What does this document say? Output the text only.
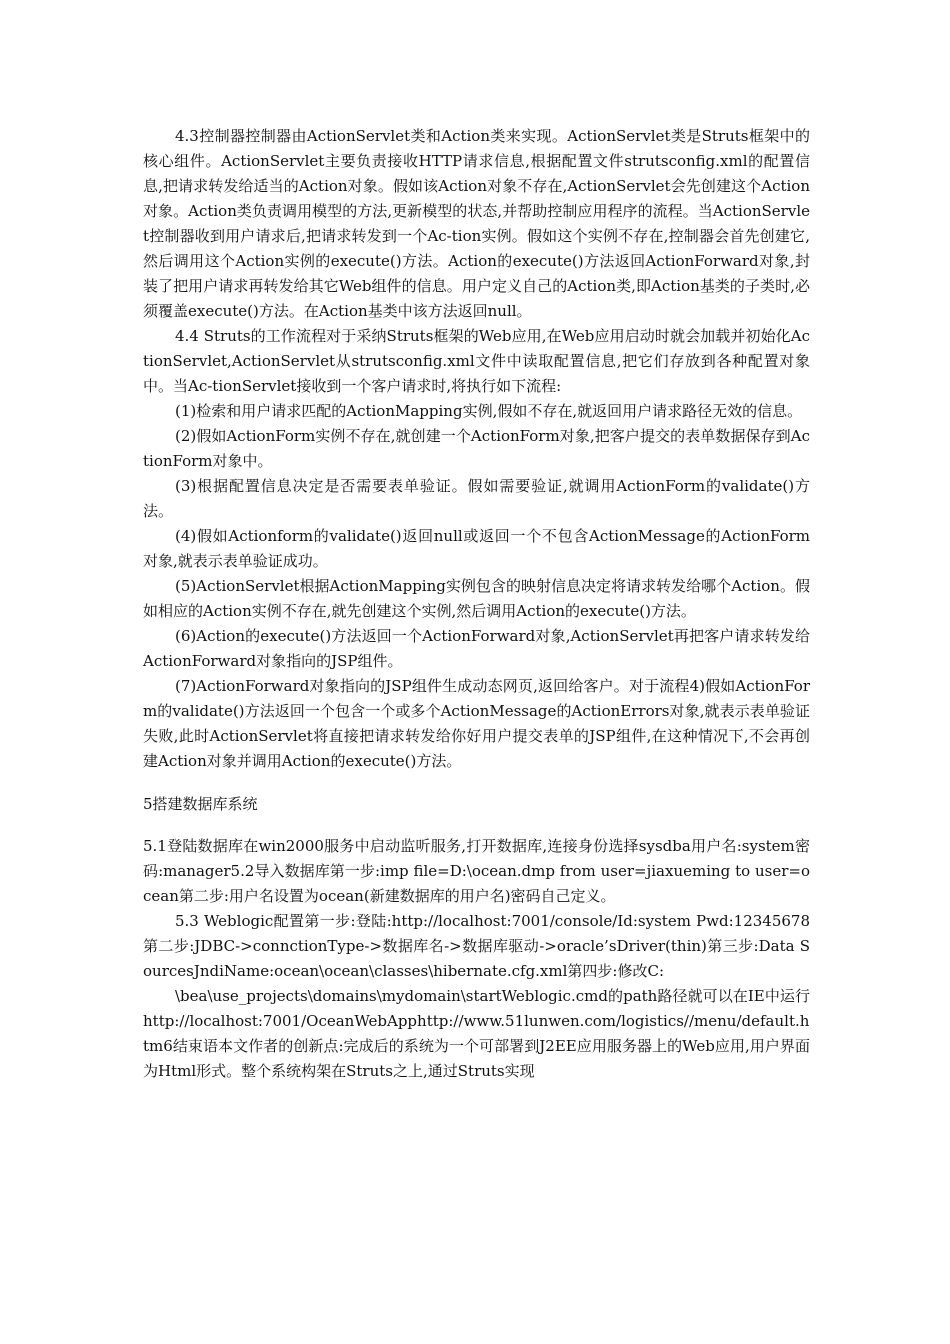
4.3控制器控制器由ActionServlet类和Action类来实现。ActionServlet类是Struts框架中的核心组件。ActionServlet主要负责接收HTTP请求信息,根据配置文件strutsconfig.xml的配置信息,把请求转发给适当的Action对象。假如该Action对象不存在,ActionServlet会先创建这个Action对象。Action类负责调用模型的方法,更新模型的状态,并帮助控制应用程序的流程。当ActionServlet控制器收到用户请求后,把请求转发到一个Ac-tion实例。假如这个实例不存在,控制器会首先创建它,然后调用这个Action实例的execute()方法。Action的execute()方法返回ActionForward对象,封装了把用户请求再转发给其它Web组件的信息。用户定义自己的Action类,即Action基类的子类时,必须覆盖execute()方法。在Action基类中该方法返回null。

4.4 Struts的工作流程对于采纳Struts框架的Web应用,在Web应用启动时就会加载并初始化ActionServlet,ActionServlet从strutsconfig.xml文件中读取配置信息,把它们存放到各种配置对象中。当Ac-tionServlet接收到一个客户请求时,将执行如下流程:

(1)检索和用户请求匹配的ActionMapping实例,假如不存在,就返回用户请求路径无效的信息。

(2)假如ActionForm实例不存在,就创建一个ActionForm对象,把客户提交的表单数据保存到ActionForm对象中。

(3)根据配置信息决定是否需要表单验证。假如需要验证,就调用ActionForm的validate()方法。

(4)假如Actionform的validate()返回null或返回一个不包含ActionMessage的ActionForm对象,就表示表单验证成功。

(5)ActionServlet根据ActionMapping实例包含的映射信息决定将请求转发给哪个Action。假如相应的Action实例不存在,就先创建这个实例,然后调用Action的execute()方法。

(6)Action的execute()方法返回一个ActionForward对象,ActionServlet再把客户请求转发给ActionForward对象指向的JSP组件。

(7)ActionForward对象指向的JSP组件生成动态网页,返回给客户。对于流程4)假如ActionForm的validate()方法返回一个包含一个或多个ActionMessage的ActionErrors对象,就表示表单验证失败,此时ActionServlet将直接把请求转发给你好用户提交表单的JSP组件,在这种情况下,不会再创建Action对象并调用Action的execute()方法。

5搭建数据库系统

5.1登陆数据库在win2000服务中启动监听服务,打开数据库,连接身份选择sysdba用户名:system密码:manager5.2导入数据库第一步:imp file=D:\ocean.dmp from user=jiaxueming to user=ocean第二步:用户名设置为ocean(新建数据库的用户名)密码自己定义。

5.3 Weblogic配置第一步:登陆:http://localhost:7001/console/Id:system Pwd:12345678第二步:JDBC->connctionType->数据库名->数据库驱动->oracle’sDriver(thin)第三步:Data SourcesJndiName:ocean\ocean\classes\hibernate.cfg.xml第四步:修改C:

\bea\use_projects\domains\mydomain\startWeblogic.cmd的path路径就可以在IE中运行http://localhost:7001/OceanWebApphttp://www.51lunwen.com/logistics//menu/default.htm6结束语本文作者的创新点:完成后的系统为一个可部署到J2EE应用服务器上的Web应用,用户界面为Html形式。整个系统构架在Struts之上,通过Struts实现
